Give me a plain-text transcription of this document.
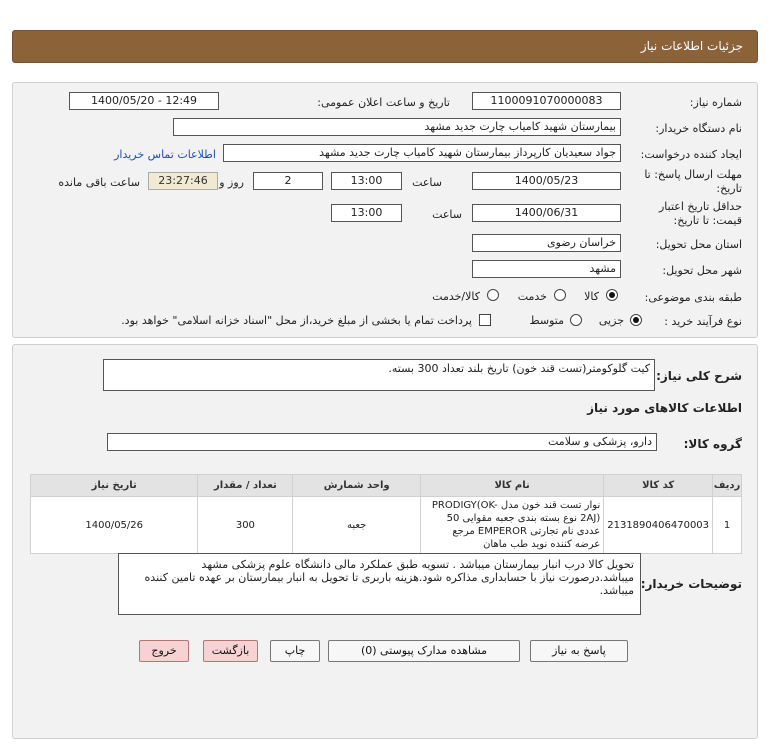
جزئیات اطلاعات نیاز
شماره نیاز:
1100091070000083
تاریخ و ساعت اعلان عمومی:
1400/05/20 - 12:49
نام دستگاه خریدار:
بیمارستان شهید کامیاب چارت جدید مشهد
ایجاد کننده درخواست:
جواد سعیدیان کارپرداز بیمارستان شهید کامیاب چارت جدید مشهد
اطلاعات تماس خریدار
مهلت ارسال پاسخ: تا
تاریخ:
1400/05/23
ساعت
13:00
2
روز و
23:27:46
ساعت باقی مانده
حداقل تاریخ اعتبار
قیمت: تا تاریخ:
1400/06/31
ساعت
13:00
استان محل تحویل:
خراسان رضوی
شهر محل تحویل:
مشهد
طبقه بندی موضوعی:
کالا
خدمت
کالا/خدمت
نوع فرآیند خرید :
جزیی
متوسط
پرداخت تمام یا بخشی از مبلغ خرید،از محل "اسناد خزانه اسلامی" خواهد بود.
شرح کلی نیاز:
کیت گلوکومتر(تست قند خون) تاریخ بلند تعداد 300 بسته.
اطلاعات کالاهای مورد نیاز
گروه کالا:
دارو، پزشکی و سلامت
ردیف	کد کالا	نام کالا	واحد شمارش	تعداد / مقدار	تاریخ نیاز
1	2131890406470003	نوار تست قند خون مدل PRODIGY(OK-2AJ) نوع بسته بندی جعبه مقوایی 50 عددی نام تجارتی EMPEROR مرجع عرضه کننده نوید طب ماهان	جعبه	300	1400/05/26
توضیحات خریدار:
تحویل کالا درب انبار بیمارستان میباشد . تسویه طبق عملکرد مالی دانشگاه علوم پزشکی مشهد میباشد.درصورت نیاز با حسابداری مذاکره شود.هزینه باربری تا تحویل به انبار بیمارستان بر عهده تامین کننده میباشد.
پاسخ به نیاز
مشاهده مدارک پیوستی (0)
چاپ
بازگشت
خروج
